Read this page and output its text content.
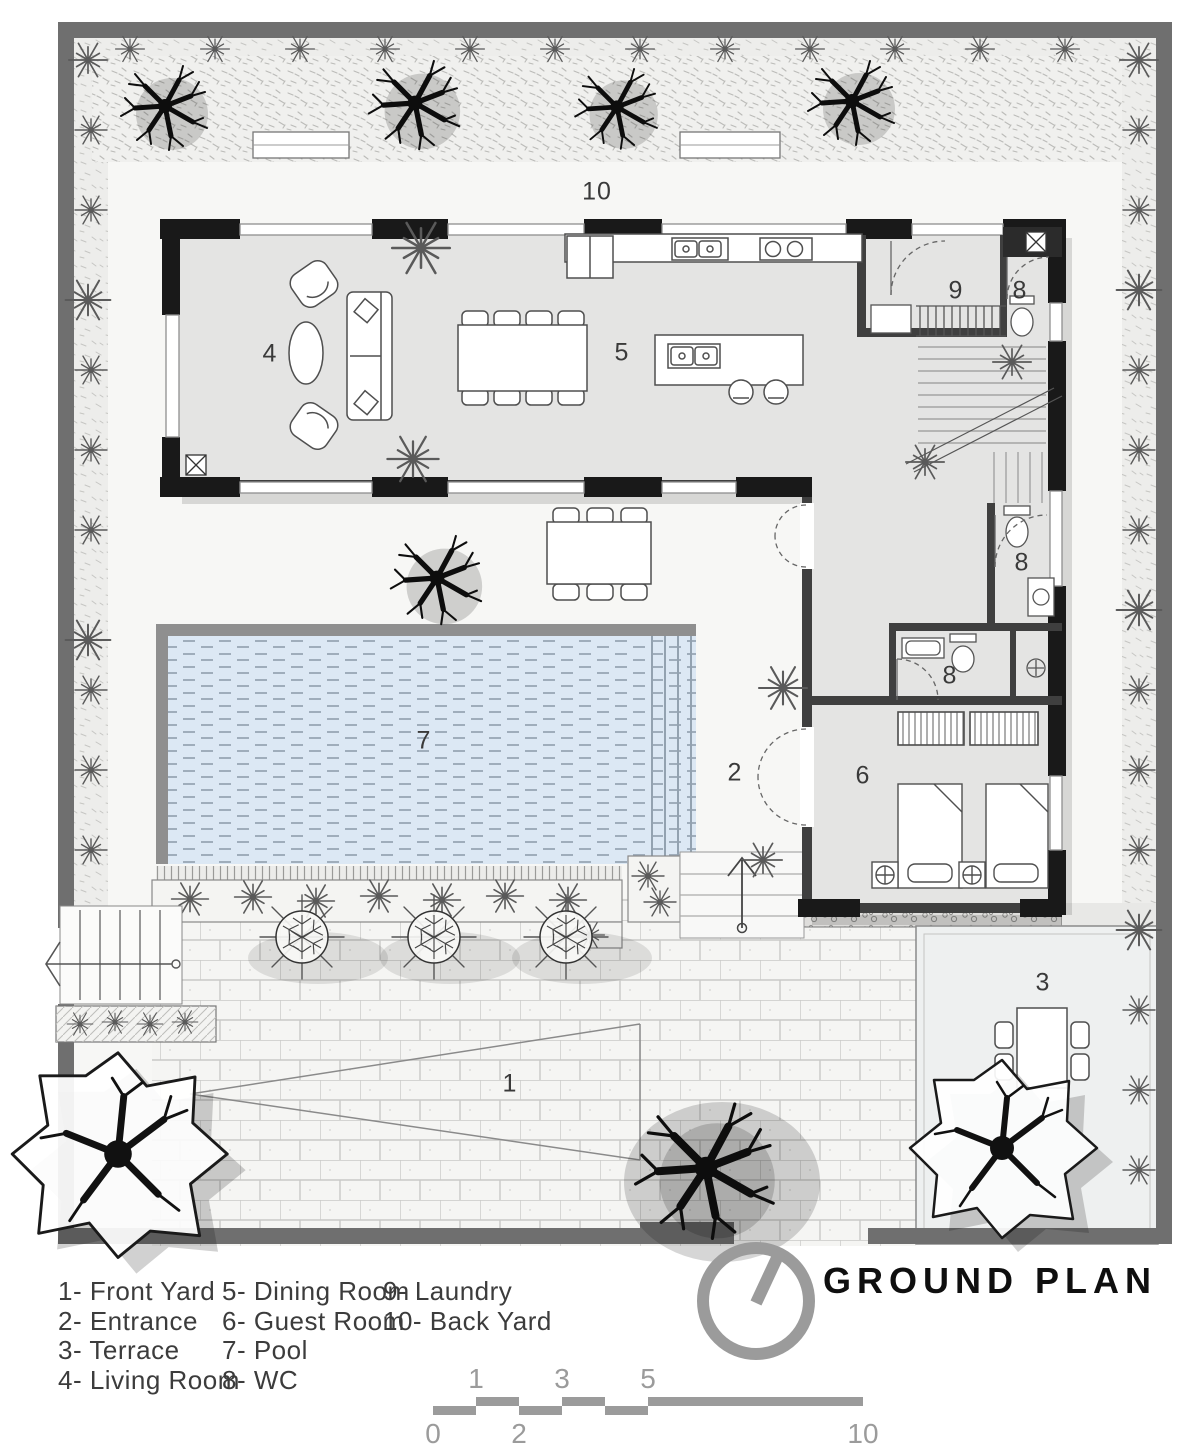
1
2
3
4	5
6
7
8
8
8
9
10
1- Front Yard
2- Entrance
3- Terrace
4- Living Room
5- Dining Room
6- Guest Room
7- Pool
8- WC
9- Laundry
10- Back Yard
GROUND PLAN
1	3	5
0	2	10
